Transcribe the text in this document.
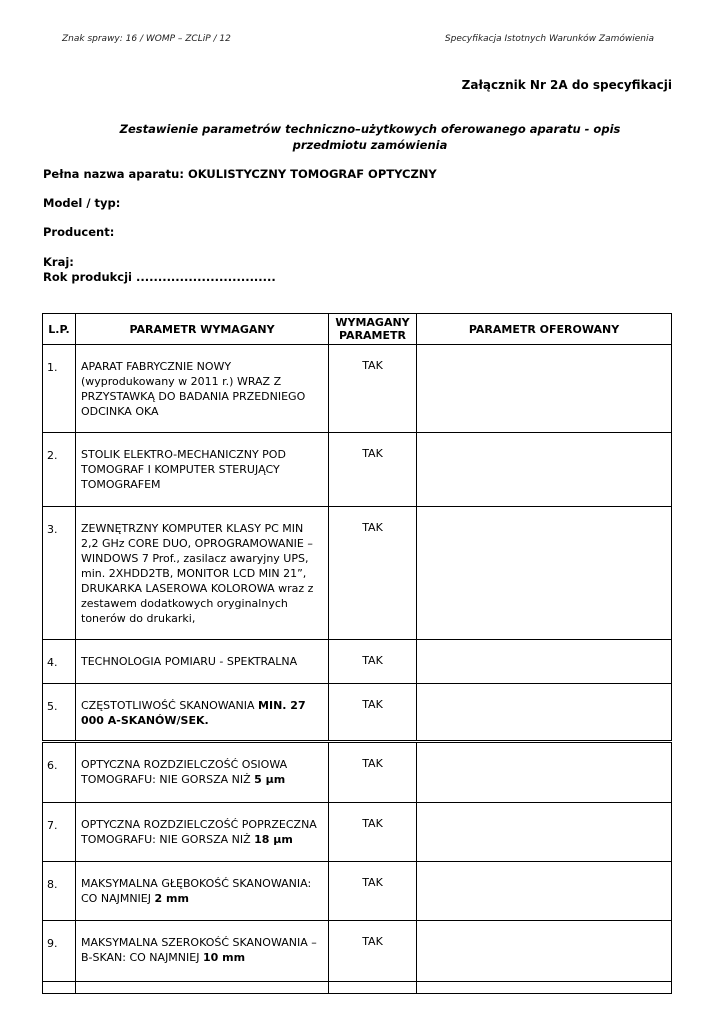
Znak sprawy: 16 / WOMP – ZCLiP / 12	Specyfikacja Istotnych Warunków Zamówienia
Załącznik Nr 2A do specyfikacji
Zestawienie parametrów techniczno–użytkowych oferowanego aparatu - opis przedmiotu zamówienia
Pełna nazwa aparatu: OKULISTYCZNY TOMOGRAF OPTYCZNY
Model / typ:
Producent:
Kraj:
Rok produkcji ................................
L.P.	PARAMETR WYMAGANY	WYMAGANY PARAMETR	PARAMETR OFEROWANY
1.	APARAT FABRYCZNIE NOWY (wyprodukowany w 2011 r.) WRAZ Z PRZYSTAWKĄ DO BADANIA PRZEDNIEGO ODCINKA OKA	TAK	
2.	STOLIK ELEKTRO-MECHANICZNY POD TOMOGRAF I KOMPUTER STERUJĄCY TOMOGRAFEM	TAK	
3.	ZEWNĘTRZNY KOMPUTER KLASY PC MIN 2,2 GHz CORE DUO, OPROGRAMOWANIE – WINDOWS 7 Prof., zasilacz awaryjny UPS, min. 2XHDD2TB, MONITOR LCD MIN 21”, DRUKARKA LASEROWA KOLOROWA wraz z zestawem dodatkowych oryginalnych tonerów do drukarki,	TAK	
4.	TECHNOLOGIA POMIARU - SPEKTRALNA	TAK	
5.	CZĘSTOTLIWOŚĆ SKANOWANIA MIN. 27 000 A-SKANÓW/SEK.	TAK	
6.	OPTYCZNA ROZDZIELCZOŚĆ OSIOWA TOMOGRAFU: NIE GORSZA NIŻ 5 µm	TAK	
7.	OPTYCZNA ROZDZIELCZOŚĆ POPRZECZNA TOMOGRAFU: NIE GORSZA NIŻ 18 µm	TAK	
8.	MAKSYMALNA GŁĘBOKOŚĆ SKANOWANIA: CO NAJMNIEJ 2 mm	TAK	
9.	MAKSYMALNA SZEROKOŚĆ SKANOWANIA – B-SKAN: CO NAJMNIEJ 10 mm	TAK	
